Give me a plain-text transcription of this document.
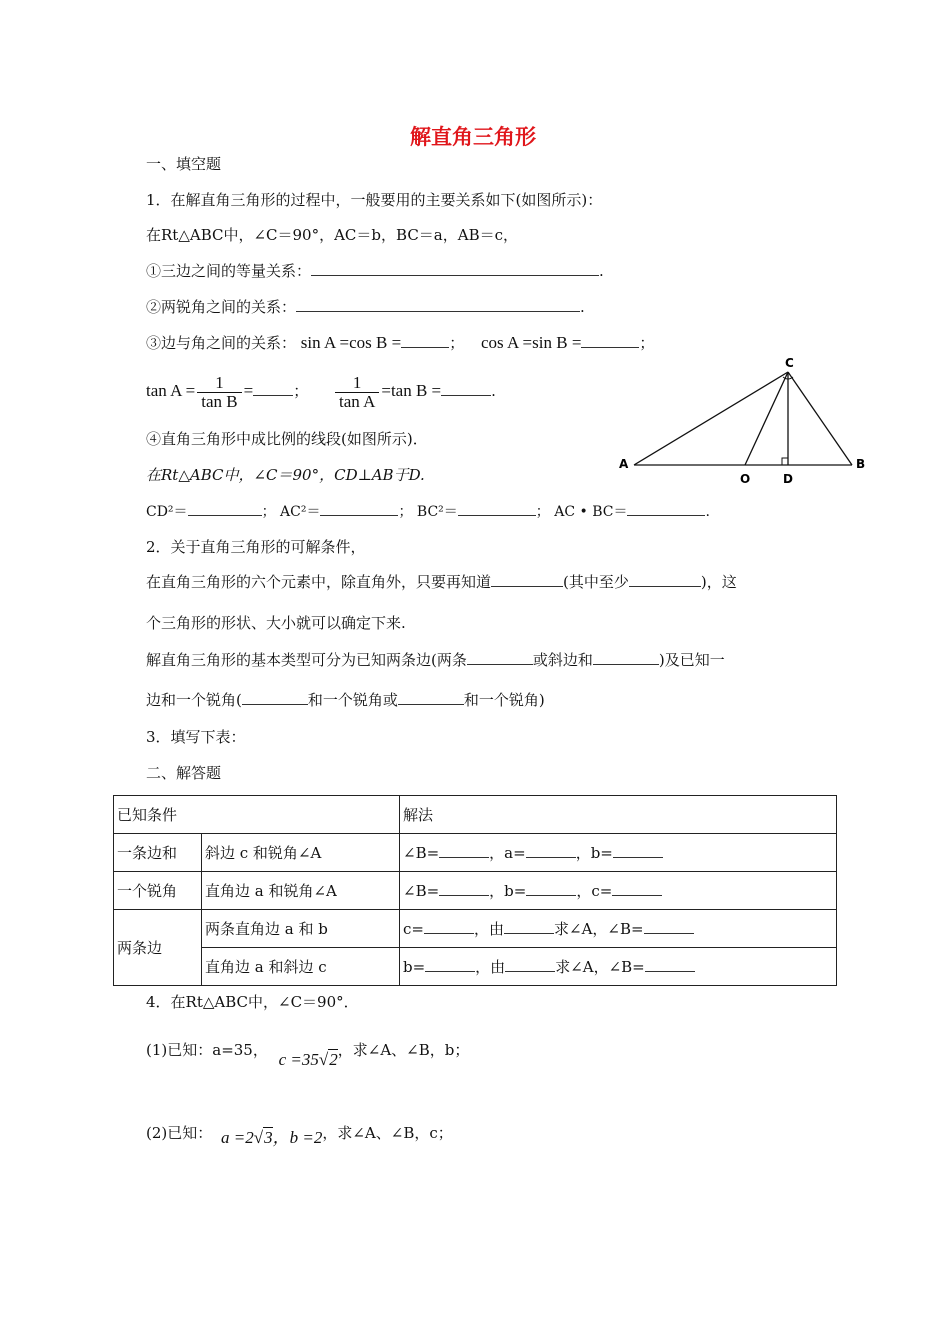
解直角三角形
一、填空题
1．在解直角三角形的过程中，一般要用的主要关系如下(如图所示)：
在Rt△ABC中，∠C＝90°，AC＝b，BC＝a，AB＝c，
①三边之间的等量关系：	.
②两锐角之间的关系：	.
③边与角之间的关系： sin A =cos B =	； cos A =sin B =	；
$\tan A = \frac{1}{\text{tan B}}$ =	； $\frac{1}{\text{tan A}} =\tan$ B =	.
④直角三角形中成比例的线段(如图所示)．
在Rt△ABC中，∠C＝90°，CD⊥AB于D.
CD²＝	； AC²＝	； BC²＝	； AC • BC＝	.
C
A	B
O	D
2．关于直角三角形的可解条件，
在直角三角形的六个元素中，除直角外，只要再知道	(其中至少	)，这
个三角形的形状、大小就可以确定下来.
解直角三角形的基本类型可分为已知两条边(两条	或斜边和	)及已知一
边和一个锐角(	和一个锐角或	和一个锐角)
3．填写下表：
二、解答题
已知条件		解法
一条边和	斜边 c 和锐角∠A	∠B= ，a= ，b=
一个锐角	直角边 a 和锐角∠A	∠B= ，b= ，c=
两条边	两条直角边 a 和 b	c= ，由 求∠A，∠B=
	直角边 a 和斜边 c	b= ，由 求∠A，∠B=
4．在Rt△ABC中，∠C＝90°．
(1)已知：a=35， c =35√2，求∠A、∠B，b；
(2)已知： a =2√3，b =2，求∠A、∠B，c；
